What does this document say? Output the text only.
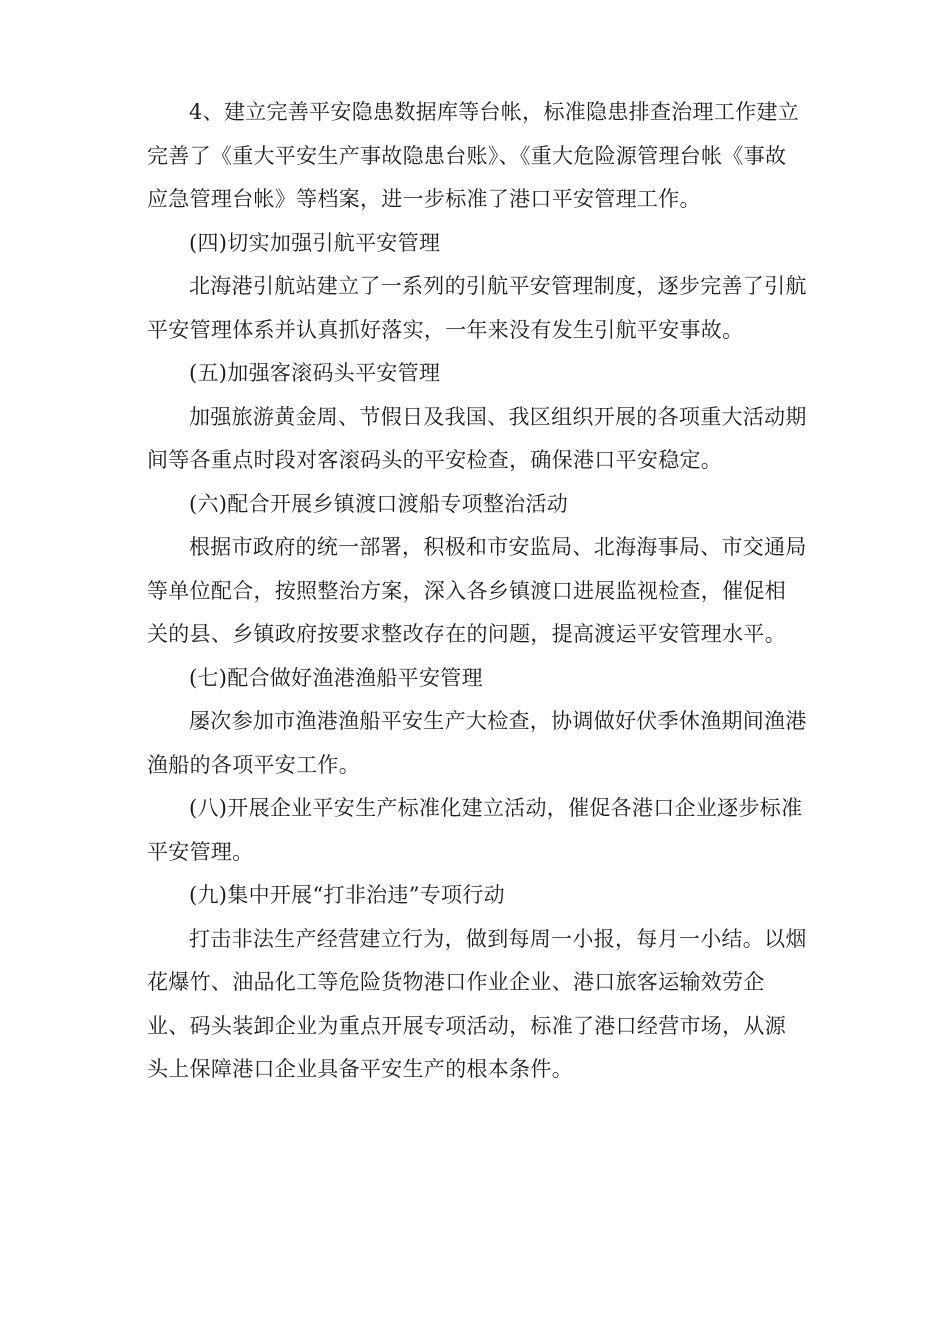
4、建立完善平安隐患数据库等台帐，标准隐患排查治理工作建立完善了《重大平安生产事故隐患台账》、《重大危险源管理台帐《事故应急管理台帐》等档案，进一步标准了港口平安管理工作。

(四)切实加强引航平安管理

北海港引航站建立了一系列的引航平安管理制度，逐步完善了引航平安管理体系并认真抓好落实，一年来没有发生引航平安事故。

(五)加强客滚码头平安管理

加强旅游黄金周、节假日及我国、我区组织开展的各项重大活动期间等各重点时段对客滚码头的平安检查，确保港口平安稳定。

(六)配合开展乡镇渡口渡船专项整治活动

根据市政府的统一部署，积极和市安监局、北海海事局、市交通局等单位配合，按照整治方案，深入各乡镇渡口进展监视检查，催促相关的县、乡镇政府按要求整改存在的问题，提高渡运平安管理水平。

(七)配合做好渔港渔船平安管理

屡次参加市渔港渔船平安生产大检查，协调做好伏季休渔期间渔港渔船的各项平安工作。

(八)开展企业平安生产标准化建立活动，催促各港口企业逐步标准平安管理。

(九)集中开展“打非治违”专项行动

打击非法生产经营建立行为，做到每周一小报，每月一小结。以烟花爆竹、油品化工等危险货物港口作业企业、港口旅客运输效劳企业、码头装卸企业为重点开展专项活动，标准了港口经营市场，从源头上保障港口企业具备平安生产的根本条件。
